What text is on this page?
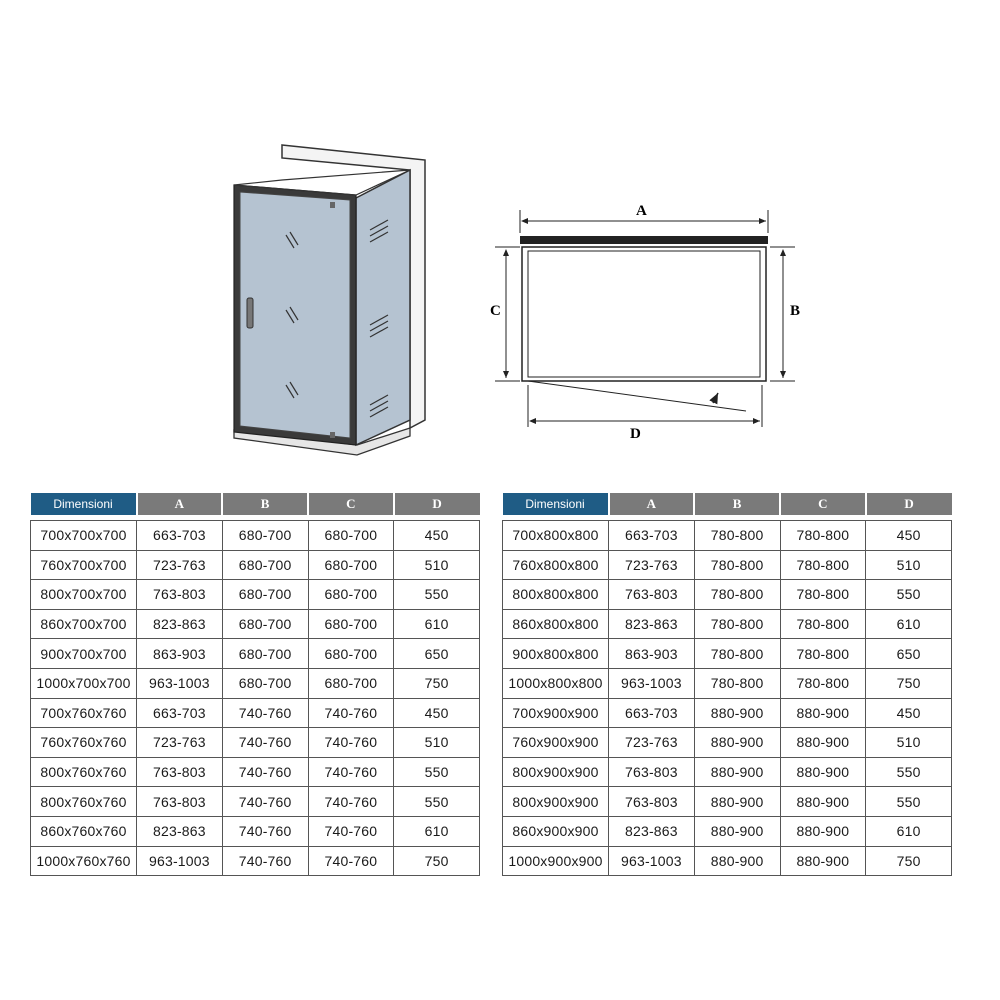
A
C	B
D
Dimensioni	A	B	C	D

700x700x700	663-703	680-700	680-700	450
760x700x700	723-763	680-700	680-700	510
800x700x700	763-803	680-700	680-700	550
860x700x700	823-863	680-700	680-700	610
900x700x700	863-903	680-700	680-700	650
1000x700x700	963-1003	680-700	680-700	750
700x760x760	663-703	740-760	740-760	450
760x760x760	723-763	740-760	740-760	510
800x760x760	763-803	740-760	740-760	550
800x760x760	763-803	740-760	740-760	550
860x760x760	823-863	740-760	740-760	610
1000x760x760	963-1003	740-760	740-760	750
Dimensioni	A	B	C	D

700x800x800	663-703	780-800	780-800	450
760x800x800	723-763	780-800	780-800	510
800x800x800	763-803	780-800	780-800	550
860x800x800	823-863	780-800	780-800	610
900x800x800	863-903	780-800	780-800	650
1000x800x800	963-1003	780-800	780-800	750
700x900x900	663-703	880-900	880-900	450
760x900x900	723-763	880-900	880-900	510
800x900x900	763-803	880-900	880-900	550
800x900x900	763-803	880-900	880-900	550
860x900x900	823-863	880-900	880-900	610
1000x900x900	963-1003	880-900	880-900	750
